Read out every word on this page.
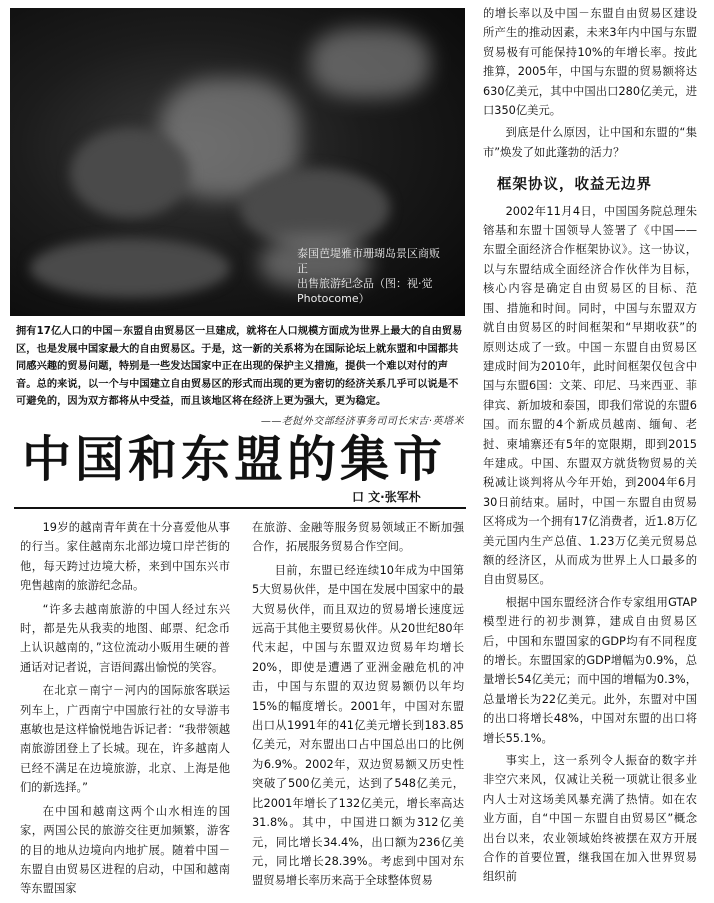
泰国芭堤雅市珊瑚岛景区商贩正
出售旅游纪念品（图：视·觉

Photocome）
拥有17亿人口的中国－东盟自由贸易区一旦建成，就将在人口规模方面成为世界上最大的自由贸易区，也是发展中国家最大的自由贸易区。于是，这一新的关系将为在国际论坛上就东盟和中国都共同感兴趣的贸易问题，特别是一些发达国家中正在出现的保护主义措施，提供一个难以对付的声音。总的来说，以一个与中国建立自由贸易区的形式而出现的更为密切的经济关系几乎可以说是不可避免的，因为双方都将从中受益，而且该地区将在经济上更为强大，更为稳定。
——老挝外交部经济事务司司长宋吉·英塔米
中国和东盟的集市
口 文·张军朴

19岁的越南青年黄在十分喜爱他从事的行当。家住越南东北部边境口岸芒街的他，每天跨过边境大桥，来到中国东兴市兜售越南的旅游纪念品。

“许多去越南旅游的中国人经过东兴时，都是先从我卖的地图、邮票、纪念币上认识越南的，”这位流动小贩用生硬的普通话对记者说，言语间露出愉悦的笑容。

在北京－南宁－河内的国际旅客联运列车上，广西南宁中国旅行社的女导游韦惠敏也是这样愉悦地告诉记者：“我带领越南旅游团登上了长城。现在，许多越南人已经不满足在边境旅游，北京、上海是他们的新选择。”

在中国和越南这两个山水相连的国家，两国公民的旅游交往更加频繁，游客的目的地从边境向内地扩展。随着中国－东盟自由贸易区进程的启动，中国和越南等东盟国家

在旅游、金融等服务贸易领域正不断加强合作，拓展服务贸易合作空间。

目前，东盟已经连续10年成为中国第5大贸易伙伴，是中国在发展中国家中的最大贸易伙伴，而且双边的贸易增长速度远远高于其他主要贸易伙伴。从20世纪80年代末起，中国与东盟双边贸易年均增长20%，即使是遭遇了亚洲金融危机的冲击，中国与东盟的双边贸易额仍以年均15%的幅度增长。2001年，中国对东盟出口从1991年的41亿美元增长到183.85亿美元，对东盟出口占中国总出口的比例为6.9%。2002年，双边贸易额又历史性突破了500亿美元，达到了548亿美元，比2001年增长了132亿美元，增长率高达31.8%。其中，中国进口额为312亿美元，同比增长34.4%，出口额为236亿美元，同比增长28.39%。考虑到中国对东盟贸易增长率历来高于全球整体贸易

的增长率以及中国－东盟自由贸易区建设所产生的推动因素，未来3年内中国与东盟贸易极有可能保持10%的年增长率。按此推算，2005年，中国与东盟的贸易额将达630亿美元，其中中国出口280亿美元，进口350亿美元。

到底是什么原因，让中国和东盟的“集市”焕发了如此蓬勃的活力？

框架协议，收益无边界

2002年11月4日，中国国务院总理朱镕基和东盟十国领导人签署了《中国——东盟全面经济合作框架协议》。这一协议，以与东盟结成全面经济合作伙伴为目标，核心内容是确定自由贸易区的目标、范围、措施和时间。同时，中国与东盟双方就自由贸易区的时间框架和“早期收获”的原则达成了一致。中国－东盟自由贸易区建成时间为2010年，此时间框架仅包含中国与东盟6国：文莱、印尼、马来西亚、菲律宾、新加坡和泰国，即我们常说的东盟6国。而东盟的4个新成员越南、缅甸、老挝、柬埔寨还有5年的宽限期，即到2015年建成。中国、东盟双方就货物贸易的关税减让谈判将从今年开始，到2004年6月30日前结束。届时，中国－东盟自由贸易区将成为一个拥有17亿消费者，近1.8万亿美元国内生产总值、1.23万亿美元贸易总额的经济区，从而成为世界上人口最多的自由贸易区。

根据中国东盟经济合作专家组用GTAP模型进行的初步测算，建成自由贸易区后，中国和东盟国家的GDP均有不同程度的增长。东盟国家的GDP增幅为0.9%，总量增长54亿美元；而中国的增幅为0.3%，总量增长为22亿美元。此外，东盟对中国的出口将增长48%，中国对东盟的出口将增长55.1%。

事实上，这一系列令人振奋的数字并非空穴来风，仅减让关税一项就让很多业内人士对这场美风暴充满了热情。如在农业方面，自“中国－东盟自由贸易区”概念出台以来，农业领域始终被摆在双方开展合作的首要位置，继我国在加入世界贸易组织前
